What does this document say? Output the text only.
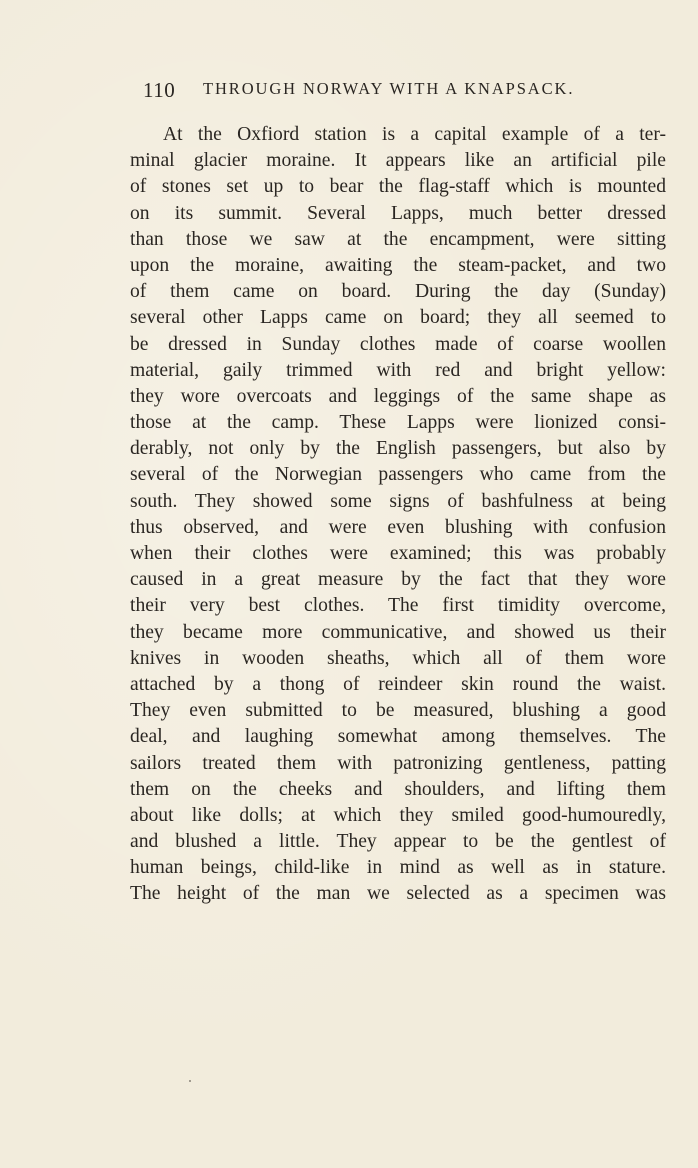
110 THROUGH NORWAY WITH A KNAPSACK.
At the Oxfiord station is a capital example of a ter-
minal glacier moraine. It appears like an artificial pile
of stones set up to bear the flag-staff which is mounted
on its summit. Several Lapps, much better dressed
than those we saw at the encampment, were sitting
upon the moraine, awaiting the steam-packet, and two
of them came on board. During the day (Sunday)
several other Lapps came on board; they all seemed to
be dressed in Sunday clothes made of coarse woollen
material, gaily trimmed with red and bright yellow:
they wore overcoats and leggings of the same shape as
those at the camp. These Lapps were lionized consi-
derably, not only by the English passengers, but also by
several of the Norwegian passengers who came from the
south. They showed some signs of bashfulness at being
thus observed, and were even blushing with confusion
when their clothes were examined; this was probably
caused in a great measure by the fact that they wore
their very best clothes. The first timidity overcome,
they became more communicative, and showed us their
knives in wooden sheaths, which all of them wore
attached by a thong of reindeer skin round the waist.
They even submitted to be measured, blushing a good
deal, and laughing somewhat among themselves. The
sailors treated them with patronizing gentleness, patting
them on the cheeks and shoulders, and lifting them
about like dolls; at which they smiled good-humouredly,
and blushed a little. They appear to be the gentlest of
human beings, child-like in mind as well as in stature.
The height of the man we selected as a specimen was
